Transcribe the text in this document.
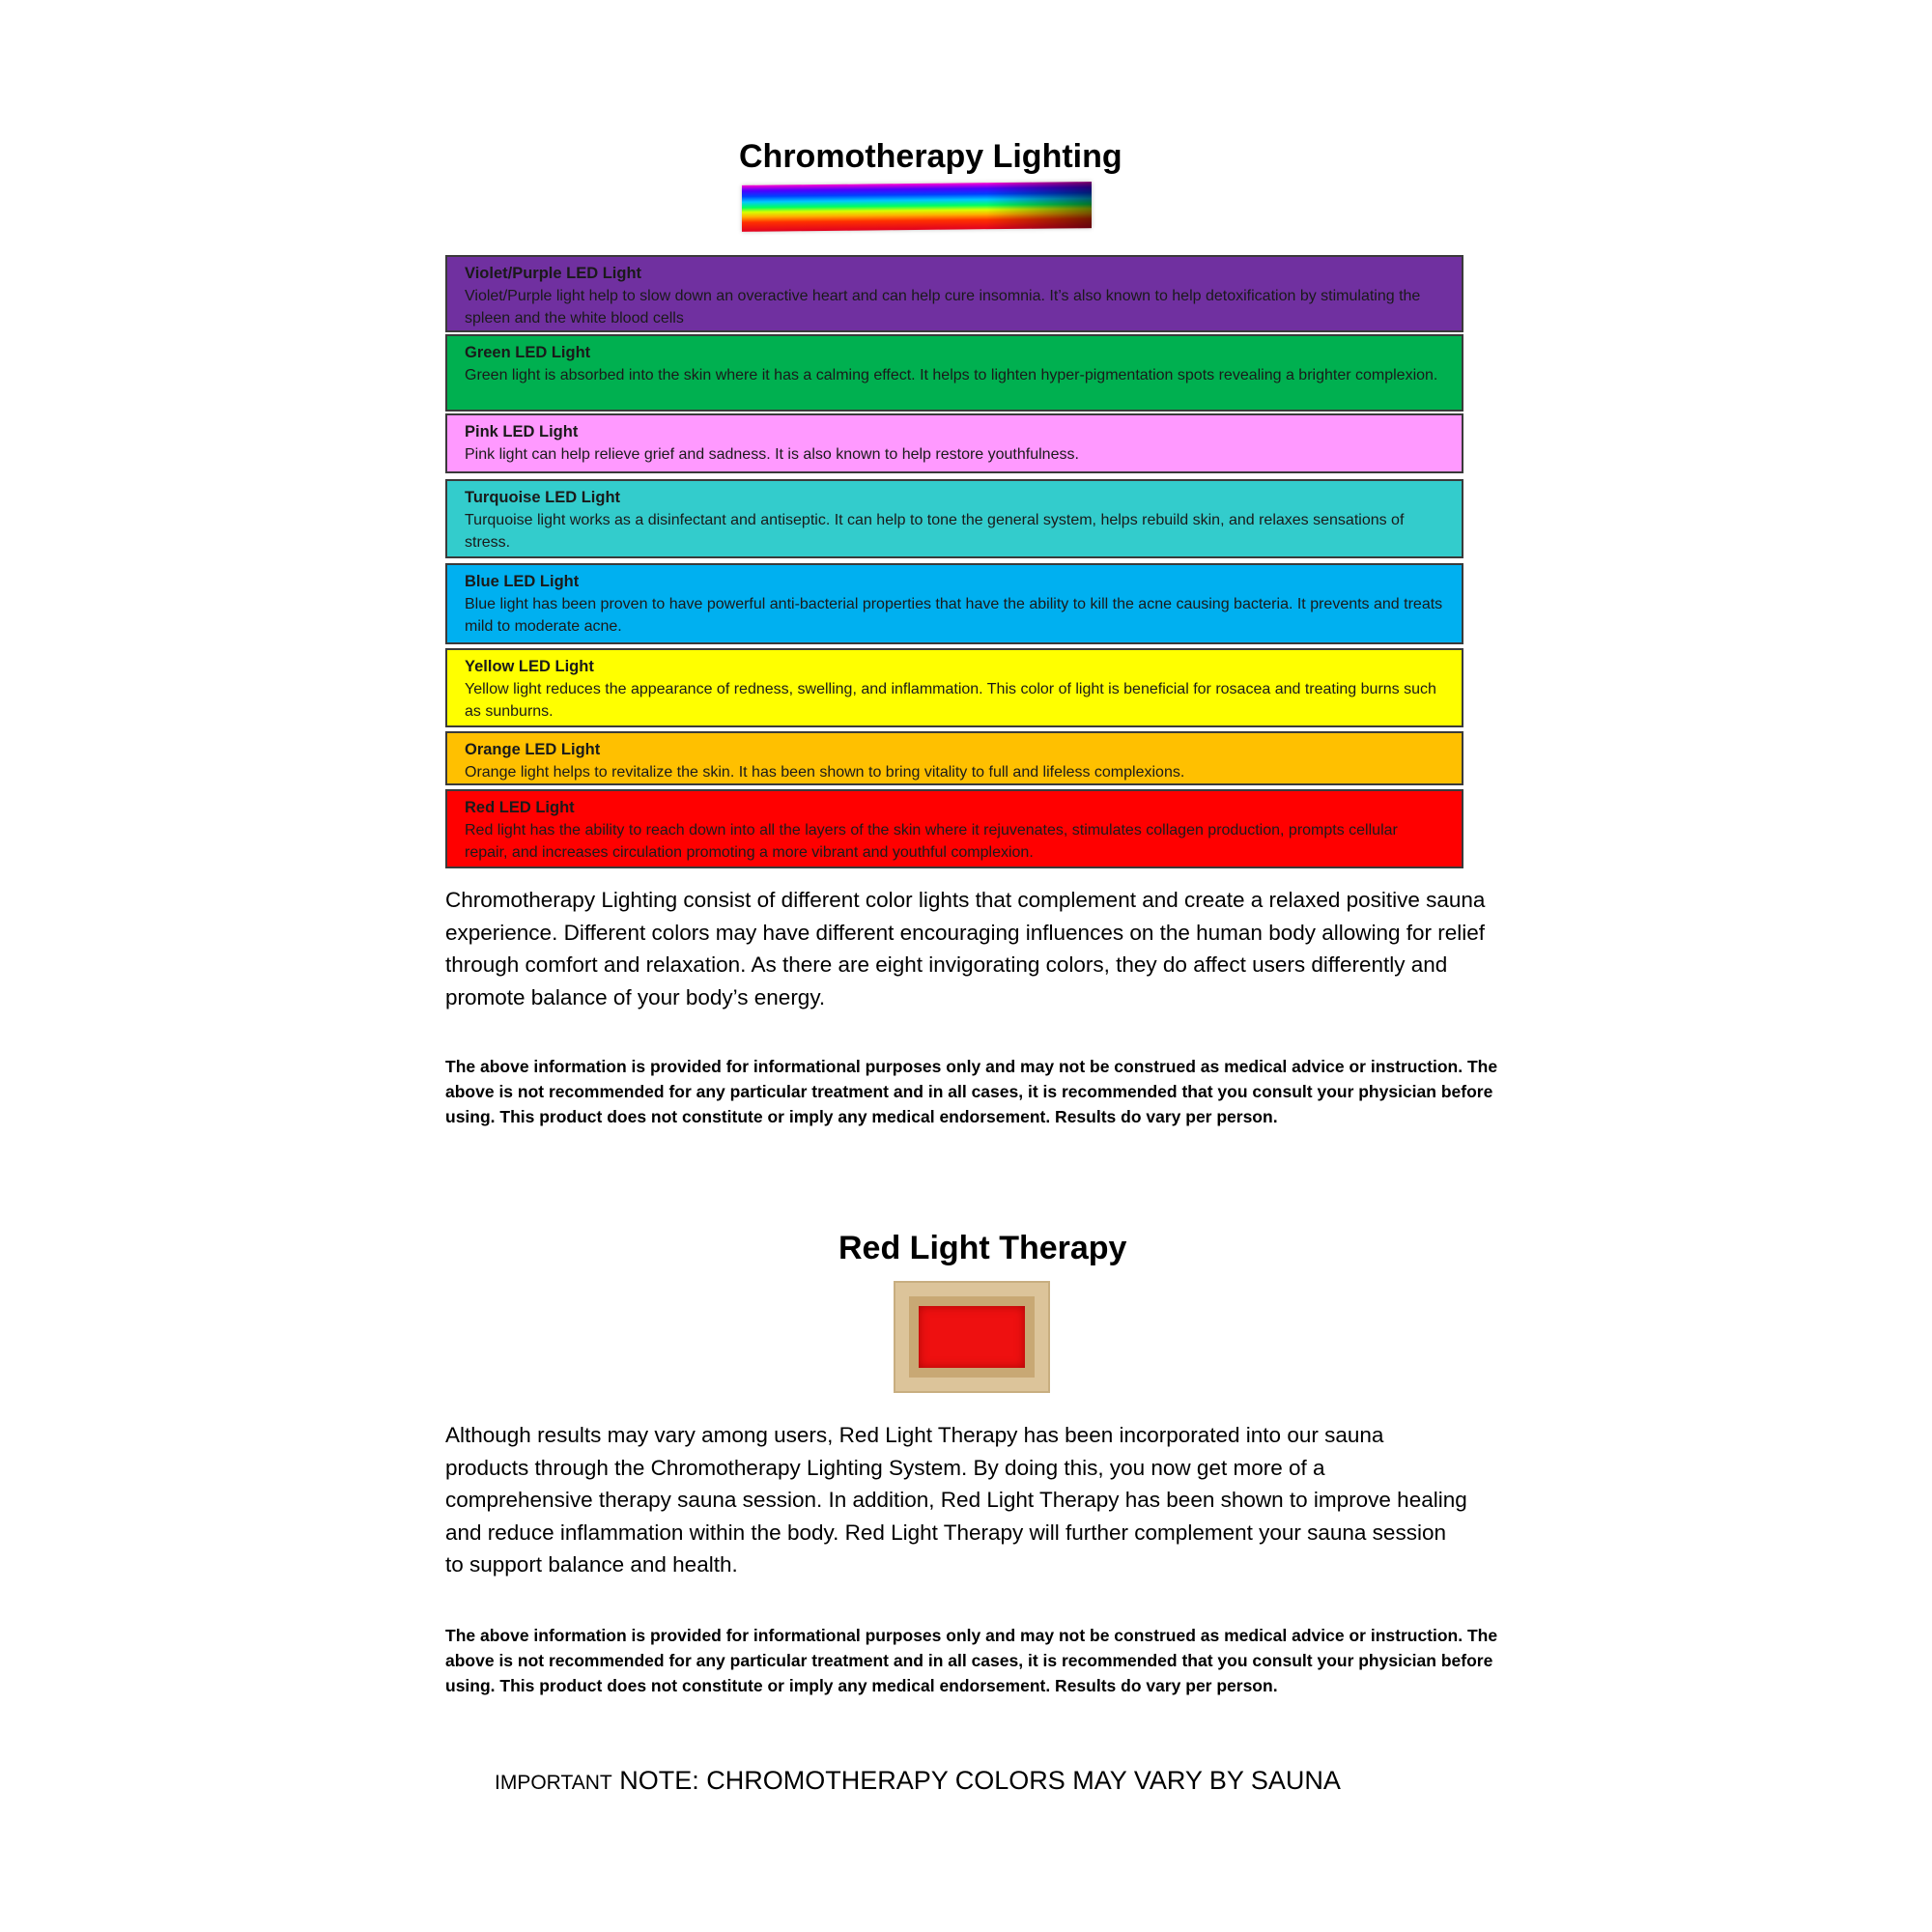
Chromotherapy Lighting
Violet/Purple LED Light
Violet/Purple light help to slow down an overactive heart and can help cure insomnia. It’s also known to help detoxification by stimulating the spleen and the white blood cells
Green LED Light
Green light is absorbed into the skin where it has a calming effect. It helps to lighten hyper-pigmentation spots revealing a brighter complexion.
Pink LED Light
Pink light can help relieve grief and sadness. It is also known to help restore youthfulness.
Turquoise LED Light
Turquoise light works as a disinfectant and antiseptic. It can help to tone the general system, helps rebuild skin, and relaxes sensations of stress.
Blue LED Light
Blue light has been proven to have powerful anti-bacterial properties that have the ability to kill the acne causing bacteria. It prevents and treats mild to moderate acne.
Yellow LED Light
Yellow light reduces the appearance of redness, swelling, and inflammation. This color of light is beneficial for rosacea and treating burns such as sunburns.
Orange LED Light
Orange light helps to revitalize the skin. It has been shown to bring vitality to full and lifeless complexions.
Red LED Light
Red light has the ability to reach down into all the layers of the skin where it rejuvenates, stimulates collagen production, prompts cellular repair, and increases circulation promoting a more vibrant and youthful complexion.

Chromotherapy Lighting consist of different color lights that complement and create a relaxed positive sauna experience. Different colors may have different encouraging influences on the human body allowing for relief through comfort and relaxation. As there are eight invigorating colors, they do affect users differently and promote balance of your body’s energy.

The above information is provided for informational purposes only and may not be construed as medical advice or instruction. The above is not recommended for any particular treatment and in all cases, it is recommended that you consult your physician before using. This product does not constitute or imply any medical endorsement. Results do vary per person.

Red Light Therapy

Although results may vary among users, Red Light Therapy has been incorporated into our sauna products through the Chromotherapy Lighting System. By doing this, you now get more of a comprehensive therapy sauna session. In addition, Red Light Therapy has been shown to improve healing and reduce inflammation within the body. Red Light Therapy will further complement your sauna session to support balance and health.

The above information is provided for informational purposes only and may not be construed as medical advice or instruction. The above is not recommended for any particular treatment and in all cases, it is recommended that you consult your physician before using. This product does not constitute or imply any medical endorsement. Results do vary per person.

IMPORTANT NOTE: CHROMOTHERAPY COLORS MAY VARY BY SAUNA
